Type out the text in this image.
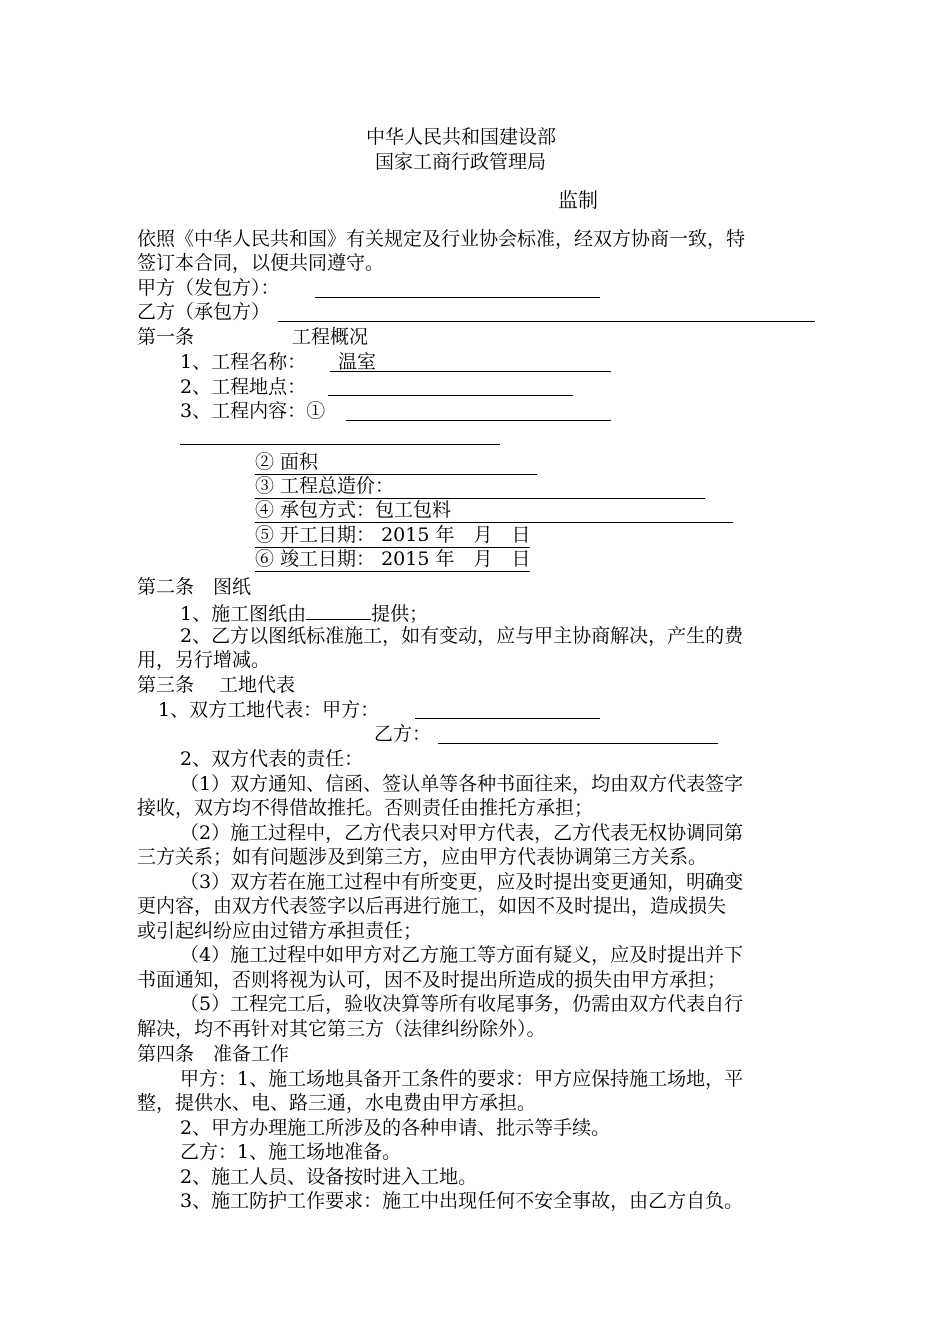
中华人民共和国建设部
国家工商行政管理局
监制
依照《中华人民共和国》有关规定及行业协会标准，经双方协商一致，特
签订本合同，以便共同遵守。
甲方（发包方）：
乙方（承包方）
第一条	工程概况
1、工程名称： 温室
2、工程地点：
3、工程内容：①
② 面积
③ 工程总造价：
④ 承包方式：包工包料
⑤ 开工日期： 2015 年　月　日
⑥ 竣工日期： 2015 年　月　日
第二条　图纸
1、施工图纸由	提供；
2、乙方以图纸标准施工，如有变动，应与甲主协商解决，产生的费
用，另行增减。
第三条　 工地代表
1、双方工地代表：甲方：
乙方：
2、双方代表的责任：
（1）双方通知、信函、签认单等各种书面往来，均由双方代表签字
接收，双方均不得借故推托。否则责任由推托方承担；
（2）施工过程中，乙方代表只对甲方代表，乙方代表无权协调同第
三方关系；如有问题涉及到第三方，应由甲方代表协调第三方关系。
（3）双方若在施工过程中有所变更，应及时提出变更通知，明确变
更内容，由双方代表签字以后再进行施工，如因不及时提出，造成损失
或引起纠纷应由过错方承担责任；
（4）施工过程中如甲方对乙方施工等方面有疑义，应及时提出并下
书面通知，否则将视为认可，因不及时提出所造成的损失由甲方承担；
（5）工程完工后，验收决算等所有收尾事务，仍需由双方代表自行
解决，均不再针对其它第三方（法律纠纷除外）。
第四条　准备工作
甲方：1、施工场地具备开工条件的要求：甲方应保持施工场地，平
整，提供水、电、路三通，水电费由甲方承担。
2、甲方办理施工所涉及的各种申请、批示等手续。
乙方：1、施工场地准备。
2、施工人员、设备按时进入工地。
3、施工防护工作要求：施工中出现任何不安全事故，由乙方自负。
